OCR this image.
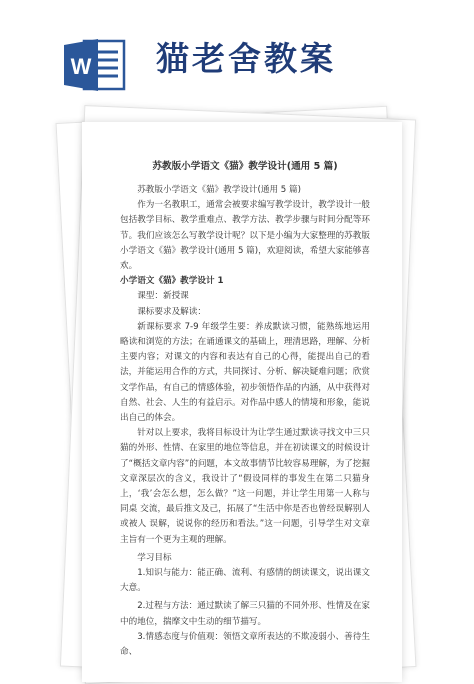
W 猫老舍教案

苏教版小学语文《猫》教学设计(通用 5 篇)

苏教版小学语文《猫》教学设计(通用 5 篇)

作为一名教职工，通常会被要求编写教学设计，教学设计一般包括教学目标、教学重难点、教学方法、教学步骤与时间分配等环节。我们应该怎么写教学设计呢？以下是小编为大家整理的苏教版小学语文《猫》教学设计(通用 5 篇)，欢迎阅读，希望大家能够喜欢。

小学语文《猫》教学设计 1

课型：新授课

课标要求及解读：

新课标要求 7-9 年级学生要：养成默读习惯，能熟练地运用略读和浏览的方法；在诵通课文的基础上，理清思路，理解、分析主要内容；对课文的内容和表达有自己的心得，能提出自己的看法，并能运用合作的方式，共同探讨、分析、解决疑难问题；欣赏文学作品，有自己的情感体验，初步领悟作品的内涵，从中获得对自然、社会、人生的有益启示。对作品中感人的情境和形象，能说出自己的体会。

针对以上要求，我将目标设计为让学生通过默读寻找文中三只猫的外形、性情、在家里的地位等信息，并在初读课文的时候设计了“概括文章内容”的问题，本文故事情节比较容易理解，为了挖掘文章深层次的含义，我设计了“假设同样的事发生在第二只猫身上，‘我’会怎么想，怎么做？”这一问题，并让学生用第一人称与同桌 交流，最后推文及己，拓展了“生活中你是否也曾经误解别人或被人 误解，说说你的经历和看法。”这一问题，引导学生对文章主旨有一个更为主观的理解。

学习目标

1.知识与能力：能正确、流利、有感情的朗读课文，说出课文大意。

2.过程与方法：通过默读了解三只猫的不同外形、性情及在家中的地位，揣摩文中生动的细节描写。

3.情感态度与价值观：领悟文章所表达的不欺凌弱小、善待生命、
